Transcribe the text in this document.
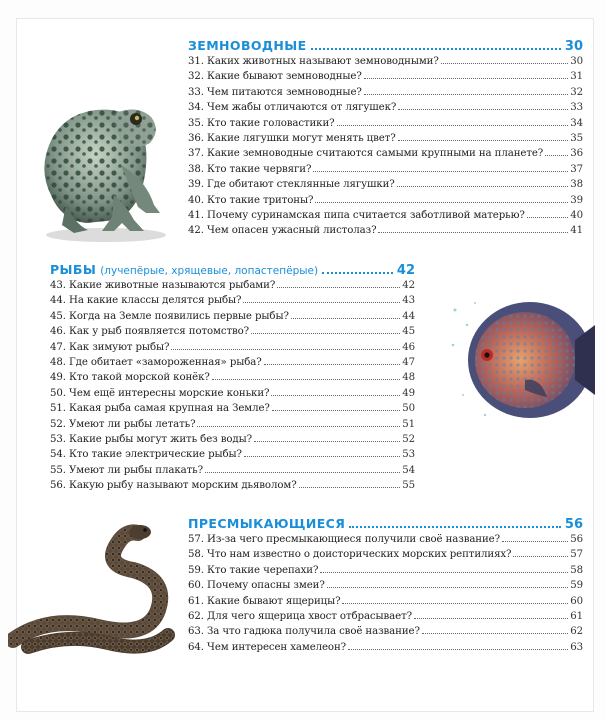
ЗЕМНОВОДНЫЕ	30
31. Каких животных называют земноводными?	30
32. Какие бывают земноводные?	31
33. Чем питаются земноводные?	32
34. Чем жабы отличаются от лягушек?	33
35. Кто такие головастики?	34
36. Какие лягушки могут менять цвет?	35
37. Какие земноводные считаются самыми крупными на планете?	36
38. Кто такие червяги?	37
39. Где обитают стеклянные лягушки?	38
40. Кто такие тритоны?	39
41. Почему суринамская пипа считается заботливой матерью?	40
42. Чем опасен ужасный листолаз?	41
РЫБЫ (лучепёрые, хрящевые, лопастепёрые)	42
43. Какие животные называются рыбами?	42
44. На какие классы делятся рыбы?	43
45. Когда на Земле появились первые рыбы?	44
46. Как у рыб появляется потомство?	45
47. Как зимуют рыбы?	46
48. Где обитает «замороженная» рыба?	47
49. Кто такой морской конёк?	48
50. Чем ещё интересны морские коньки?	49
51. Какая рыба самая крупная на Земле?	50
52. Умеют ли рыбы летать?	51
53. Какие рыбы могут жить без воды?	52
54. Кто такие электрические рыбы?	53
55. Умеют ли рыбы плакать?	54
56. Какую рыбу называют морским дьяволом?	55
ПРЕСМЫКАЮЩИЕСЯ	56
57. Из-за чего пресмыкающиеся получили своё название?	56
58. Что нам известно о доисторических морских рептилиях?	57
59. Кто такие черепахи?	58
60. Почему опасны змеи?	59
61. Какие бывают ящерицы?	60
62. Для чего ящерица хвост отбрасывает?	61
63. За что гадюка получила своё название?	62
64. Чем интересен хамелеон?	63
